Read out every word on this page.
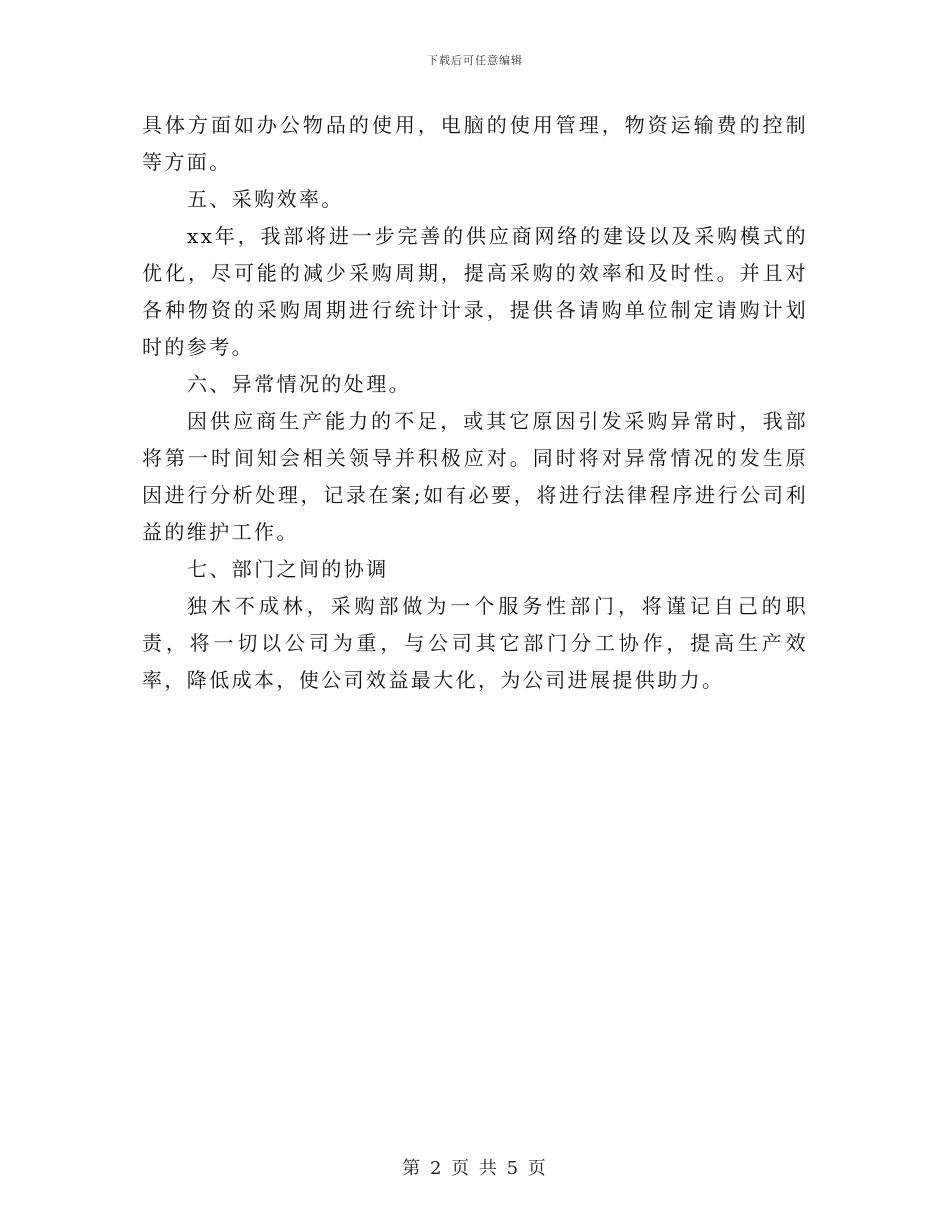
下载后可任意编辑

具体方面如办公物品的使用，电脑的使用管理，物资运输费的控制等方面。

五、采购效率。

xx年，我部将进一步完善的供应商网络的建设以及采购模式的优化，尽可能的减少采购周期，提高采购的效率和及时性。并且对各种物资的采购周期进行统计计录，提供各请购单位制定请购计划时的参考。

六、异常情况的处理。

因供应商生产能力的不足，或其它原因引发采购异常时，我部将第一时间知会相关领导并积极应对。同时将对异常情况的发生原因进行分析处理，记录在案;如有必要，将进行法律程序进行公司利益的维护工作。

七、部门之间的协调

独木不成林，采购部做为一个服务性部门，将谨记自己的职责，将一切以公司为重，与公司其它部门分工协作，提高生产效率，降低成本，使公司效益最大化，为公司进展提供助力。

第 2 页 共 5 页
